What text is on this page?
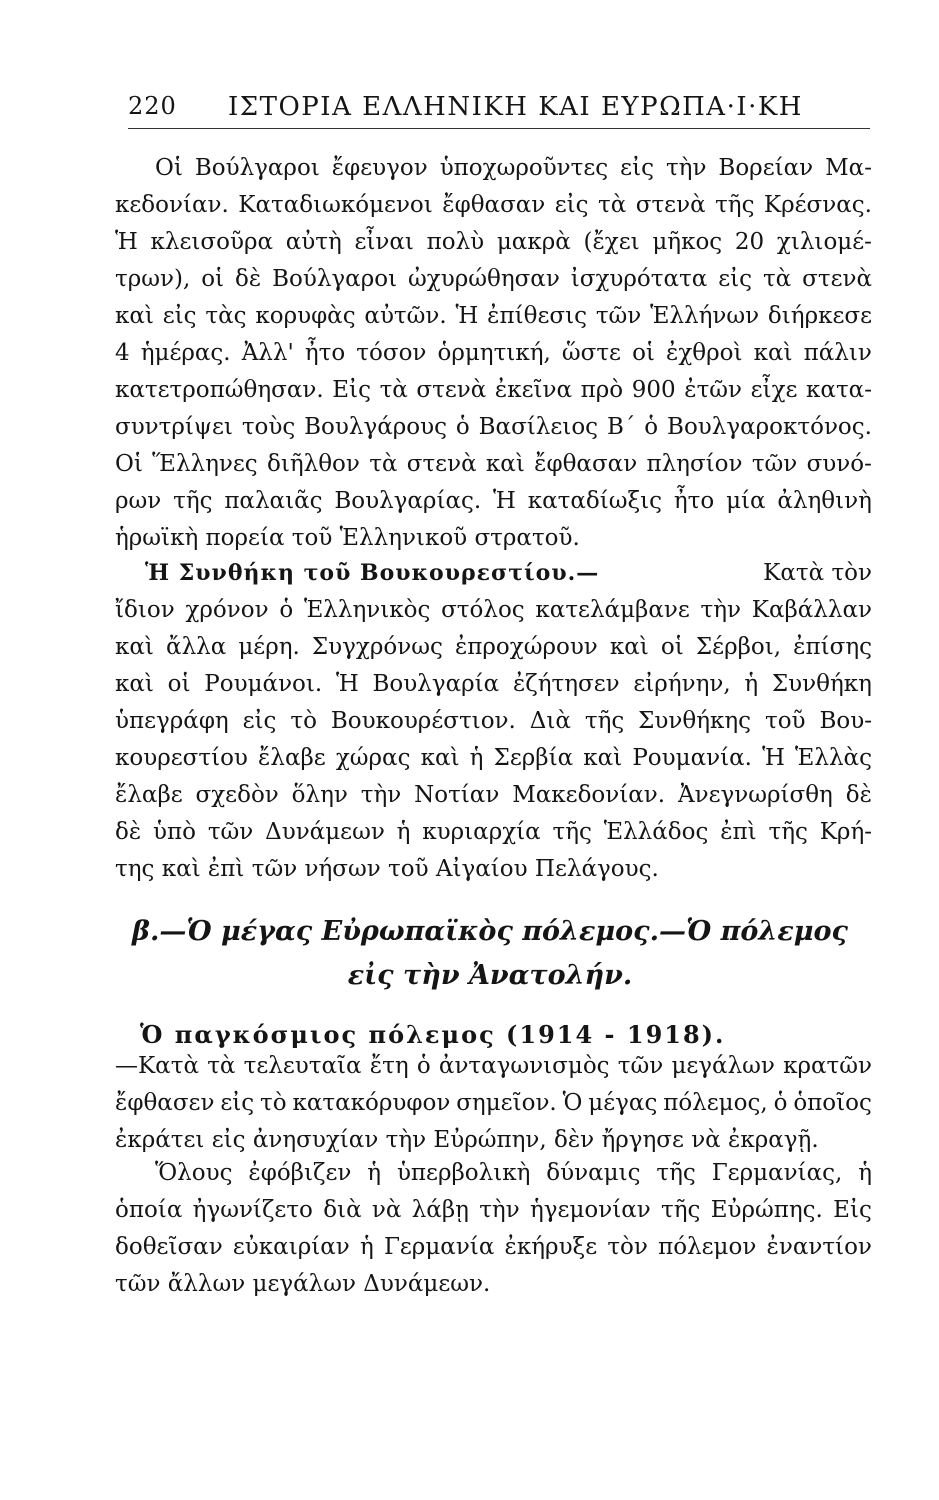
220 ΙΣΤΟΡΙΑ ΕΛΛΗΝΙΚΗ ΚΑΙ ΕΥΡΩΠΑ·Ι·ΚΗ
Οἱ Βούλγαροι ἔφευγον ὑποχωροῦντες εἰς τὴν Βορείαν Μα-
κεδονίαν. Καταδιωκόμενοι ἔφθασαν εἰς τὰ στενὰ τῆς Κρέσνας.
Ἡ κλεισοῦρα αὐτὴ εἶναι πολὺ μακρὰ (ἔχει μῆκος 20 χιλιομέ-
τρων), οἱ δὲ Βούλγαροι ὠχυρώθησαν ἰσχυρότατα εἰς τὰ στενὰ
καὶ εἰς τὰς κορυφὰς αὐτῶν. Ἡ ἐπίθεσις τῶν Ἑλλήνων διήρκεσε
4 ἡμέρας. Ἀλλ' ἦτο τόσον ὁρμητική, ὥστε οἱ ἐχθροὶ καὶ πάλιν
κατετροπώθησαν. Εἰς τὰ στενὰ ἐκεῖνα πρὸ 900 ἐτῶν εἶχε κατα-
συντρίψει τοὺς Βουλγάρους ὁ Βασίλειος Β΄ ὁ Βουλγαροκτόνος.
Οἱ Ἕλληνες διῆλθον τὰ στενὰ καὶ ἔφθασαν πλησίον τῶν συνό-
ρων τῆς παλαιᾶς Βουλγαρίας. Ἡ καταδίωξις ἦτο μία ἀληθινὴ
ἡρωϊκὴ πορεία τοῦ Ἑλληνικοῦ στρατοῦ.
Ἡ Συνθήκη τοῦ Βουκουρεστίου.—	Κατὰ τὸν
ἴδιον χρόνον ὁ Ἑλληνικὸς στόλος κατελάμβανε τὴν Καβάλλαν
καὶ ἄλλα μέρη. Συγχρόνως ἐπροχώρουν καὶ οἱ Σέρβοι, ἐπίσης
καὶ οἱ Ρουμάνοι. Ἡ Βουλγαρία ἐζήτησεν εἰρήνην, ἡ Συνθήκη
ὑπεγράφη εἰς τὸ Βουκουρέστιον. Διὰ τῆς Συνθήκης τοῦ Βου-
κουρεστίου ἔλαβε χώρας καὶ ἡ Σερβία καὶ Ρουμανία. Ἡ Ἑλλὰς
ἔλαβε σχεδὸν ὅλην τὴν Νοτίαν Μακεδονίαν. Ἀνεγνωρίσθη δὲ
δὲ ὑπὸ τῶν Δυνάμεων ἡ κυριαρχία τῆς Ἑλλάδος ἐπὶ τῆς Κρή-
της καὶ ἐπὶ τῶν νήσων τοῦ Αἰγαίου Πελάγους.
β.—Ὁ μέγας Εὐρωπαϊκὸς πόλεμος.—Ὁ πόλεμος
εἰς τὴν Ἀνατολήν.
Ὁ παγκόσμιος πόλεμος (1914 - 1918).
—Κατὰ τὰ τελευταῖα ἔτη ὁ ἀνταγωνισμὸς τῶν μεγάλων κρατῶν
ἔφθασεν εἰς τὸ κατακόρυφον σημεῖον. Ὁ μέγας πόλεμος, ὁ ὁποῖος
ἐκράτει εἰς ἀνησυχίαν τὴν Εὐρώπην, δὲν ἤργησε νὰ ἐκραγῇ.
Ὅλους ἐφόβιζεν ἡ ὑπερβολικὴ δύναμις τῆς Γερμανίας, ἡ
ὁποία ἠγωνίζετο διὰ νὰ λάβῃ τὴν ἡγεμονίαν τῆς Εὐρώπης. Εἰς
δοθεῖσαν εὐκαιρίαν ἡ Γερμανία ἐκήρυξε τὸν πόλεμον ἐναντίον
τῶν ἄλλων μεγάλων Δυνάμεων.
